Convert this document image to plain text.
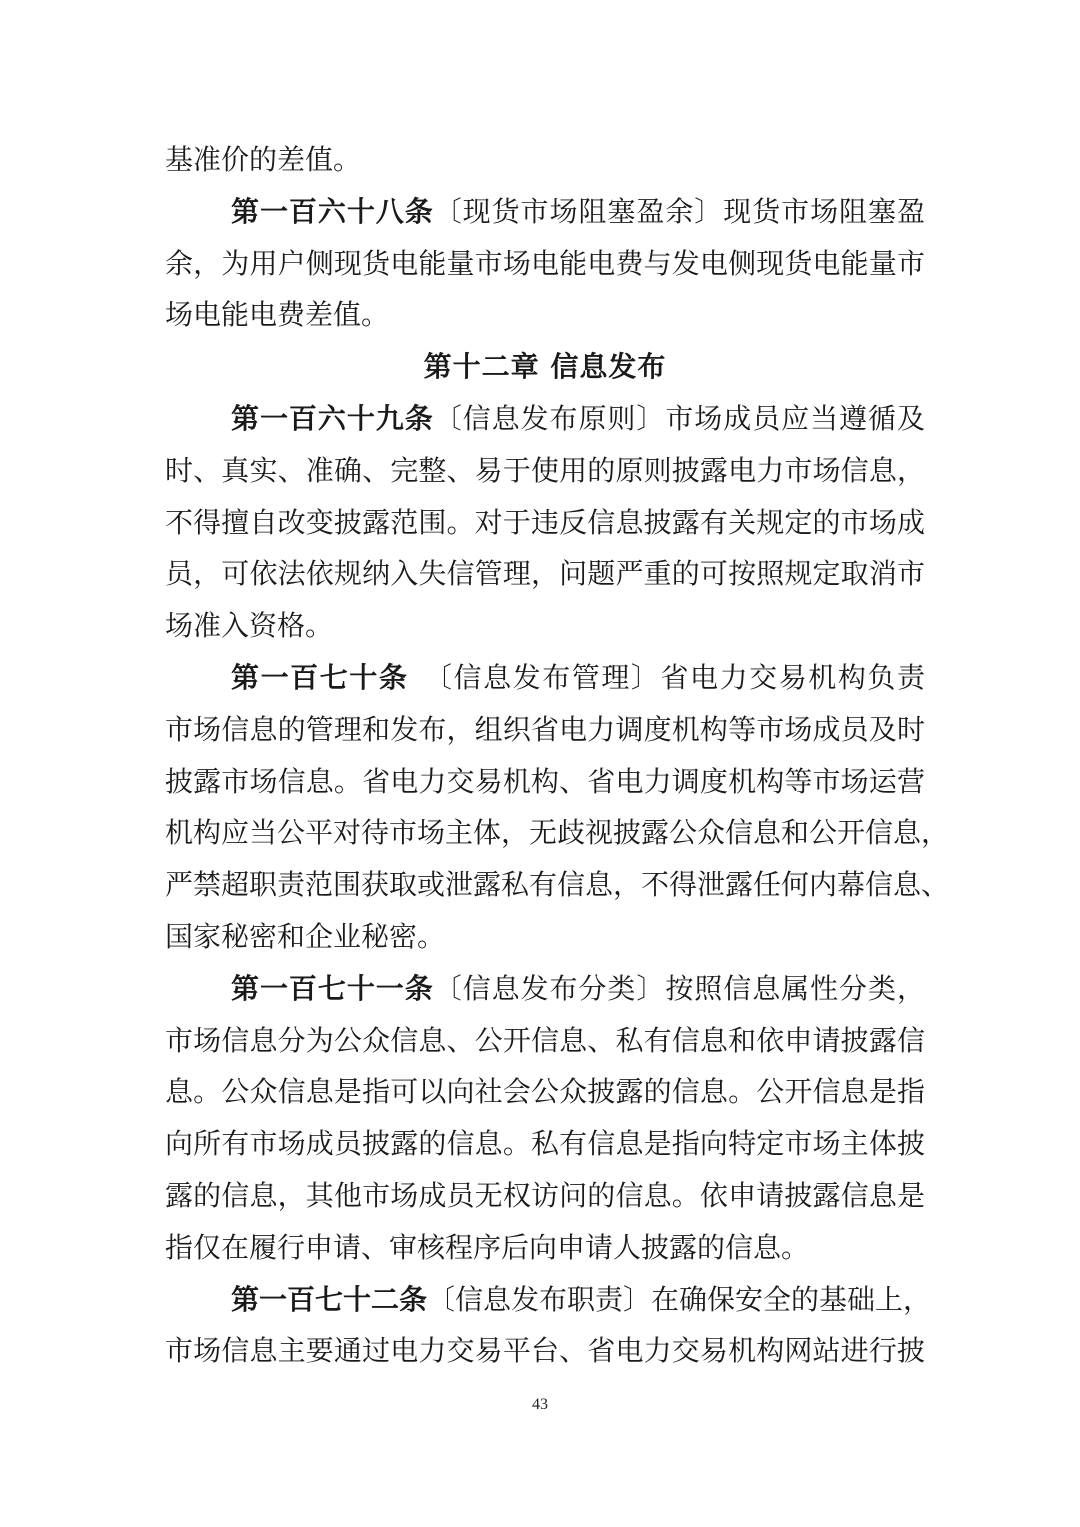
基准价的差值。
第一百六十八条〔现货市场阻塞盈余〕现货市场阻塞盈
余，为用户侧现货电能量市场电能电费与发电侧现货电能量市
场电能电费差值。
第十二章 信息发布
第一百六十九条〔信息发布原则〕市场成员应当遵循及
时、真实、准确、完整、易于使用的原则披露电力市场信息，
不得擅自改变披露范围。对于违反信息披露有关规定的市场成
员，可依法依规纳入失信管理，问题严重的可按照规定取消市
场准入资格。
第一百七十条　〔信息发布管理〕省电力交易机构负责
市场信息的管理和发布，组织省电力调度机构等市场成员及时
披露市场信息。省电力交易机构、省电力调度机构等市场运营
机构应当公平对待市场主体，无歧视披露公众信息和公开信息，
严禁超职责范围获取或泄露私有信息，不得泄露任何内幕信息、
国家秘密和企业秘密。
第一百七十一条〔信息发布分类〕按照信息属性分类，
市场信息分为公众信息、公开信息、私有信息和依申请披露信
息。公众信息是指可以向社会公众披露的信息。公开信息是指
向所有市场成员披露的信息。私有信息是指向特定市场主体披
露的信息，其他市场成员无权访问的信息。依申请披露信息是
指仅在履行申请、审核程序后向申请人披露的信息。
第一百七十二条〔信息发布职责〕在确保安全的基础上，
市场信息主要通过电力交易平台、省电力交易机构网站进行披
43
